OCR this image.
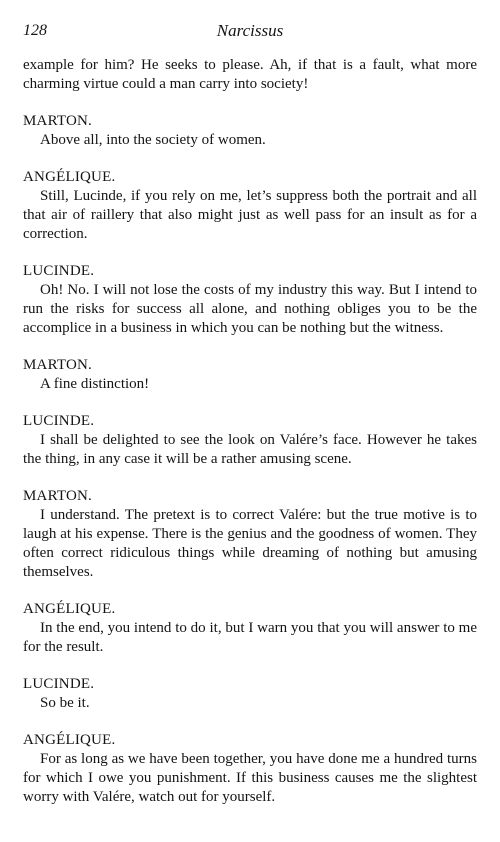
128	Narcissus

example for him? He seeks to please. Ah, if that is a fault, what more charming virtue could a man carry into society!

MARTON.

Above all, into the society of women.

ANGÉLIQUE.

Still, Lucinde, if you rely on me, let’s suppress both the portrait and all that air of raillery that also might just as well pass for an insult as for a correction.

LUCINDE.

Oh! No. I will not lose the costs of my industry this way. But I intend to run the risks for success all alone, and nothing obliges you to be the accomplice in a business in which you can be nothing but the witness.

MARTON.

A fine distinction!

LUCINDE.

I shall be delighted to see the look on Valére’s face. However he takes the thing, in any case it will be a rather amusing scene.

MARTON.

I understand. The pretext is to correct Valére: but the true motive is to laugh at his expense. There is the genius and the goodness of women. They often correct ridiculous things while dreaming of nothing but amusing themselves.

ANGÉLIQUE.

In the end, you intend to do it, but I warn you that you will answer to me for the result.

LUCINDE.

So be it.

ANGÉLIQUE.

For as long as we have been together, you have done me a hundred turns for which I owe you punishment. If this business causes me the slightest worry with Valére, watch out for yourself.
